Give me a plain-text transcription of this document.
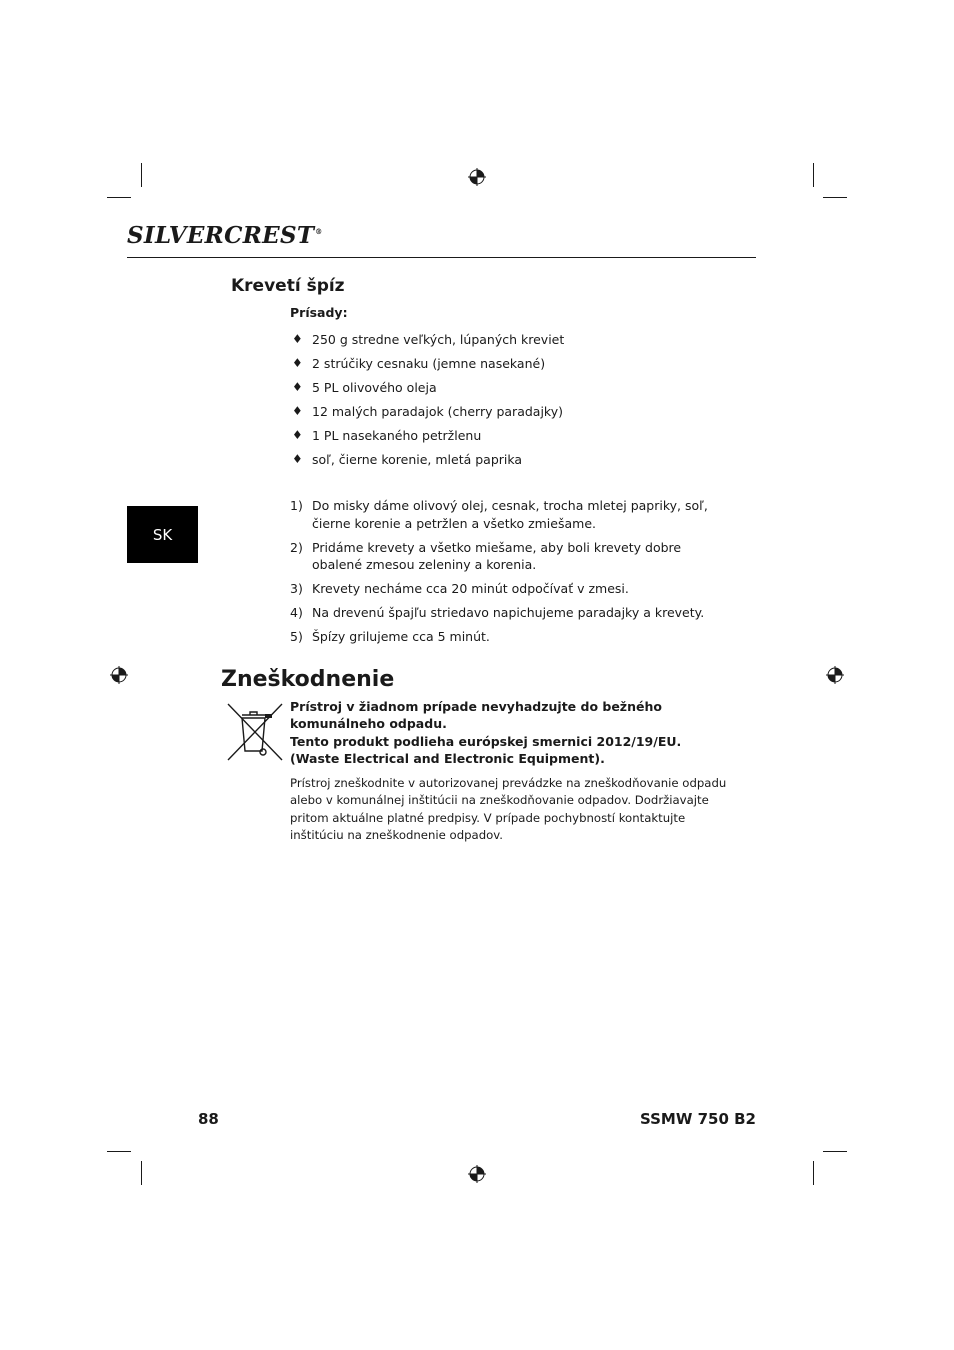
SILVERCREST®
SK
Krevetí špíz
Prísady:
♦ 250 g stredne veľkých, lúpaných kreviet
♦ 2 strúčiky cesnaku (jemne nasekané)
♦ 5 PL olivového oleja
♦ 12 malých paradajok (cherry paradajky)
♦ 1 PL nasekaného petržlenu
♦ soľ, čierne korenie, mletá paprika
1) Do misky dáme olivový olej, cesnak, trocha mletej papriky, soľ, čierne korenie a petržlen a všetko zmiešame.
2) Pridáme krevety a všetko miešame, aby boli krevety dobre obalené zmesou zeleniny a korenia.
3) Krevety necháme cca 20 minút odpočívať v zmesi.
4) Na drevenú špajľu striedavo napichujeme paradajky a krevety.
5) Špízy grilujeme cca 5 minút.
Zneškodnenie

Prístroj v žiadnom prípade nevyhadzujte do bežného
komunálneho odpadu.
Tento produkt podlieha európskej smernici 2012/19/EU.
(Waste Electrical and Electronic Equipment).

Prístroj zneškodnite v autorizovanej prevádzke na zneškodňovanie odpadu alebo v komunálnej inštitúcii na zneškodňovanie odpadov. Dodržiavajte pritom aktuálne platné predpisy. V prípade pochybností kontaktujte inštitúciu na zneškodnenie odpadov.

88	SSMW 750 B2
